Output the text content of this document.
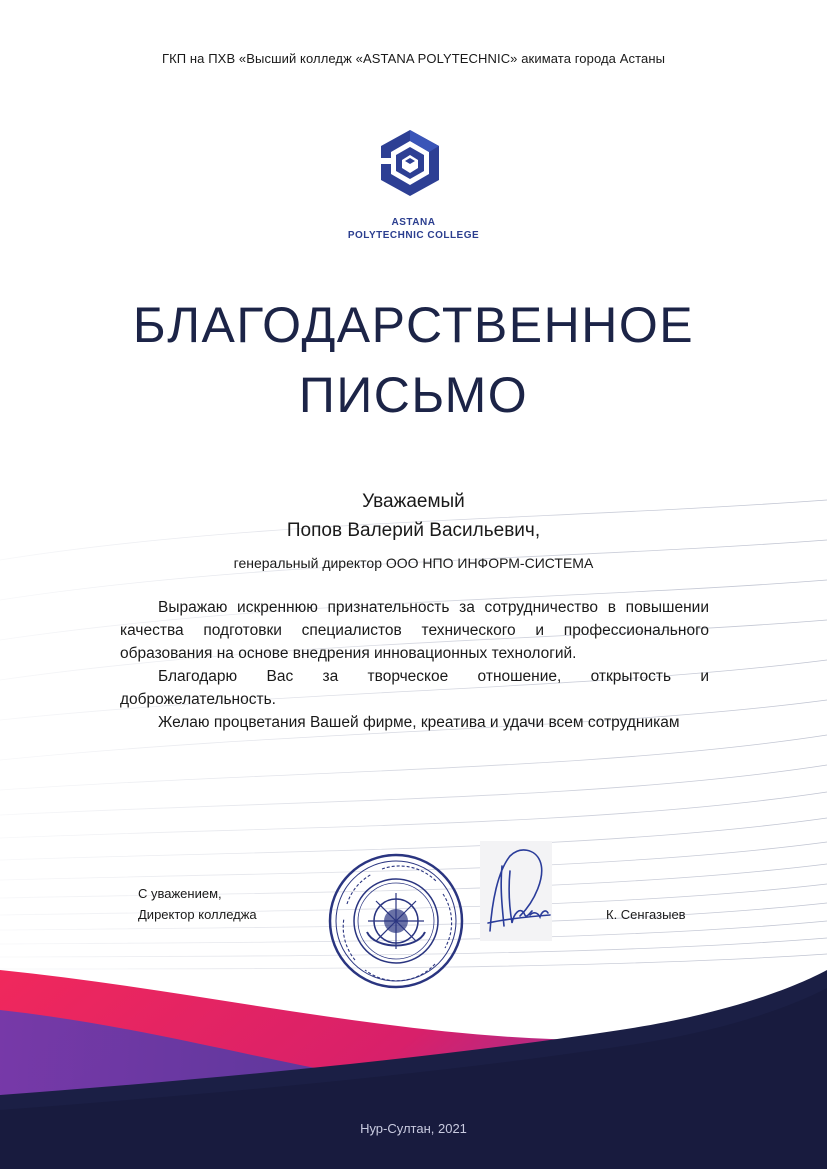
ГКП на ПХВ «Высший колледж «ASTANA POLYTECHNIC» акимата города Астаны
ASTANA
POLYTECHNIC COLLEGE
БЛАГОДАРСТВЕННОЕ
ПИСЬМО
Уважаемый
Попов Валерий Васильевич,
генеральный директор ООО НПО ИНФОРМ-СИСТЕМА

Выражаю искреннюю признательность за сотрудничество в повышении качества подготовки специалистов технического и профессионального образования на основе внедрения инновационных технологий.

Благодарю Вас за творческое отношение, открытость и доброжелательность.

Желаю процветания Вашей фирме, креатива и удачи всем сотрудникам

С уважением,
Директор колледжа	К. Сенгазыев
Нур-Султан, 2021
